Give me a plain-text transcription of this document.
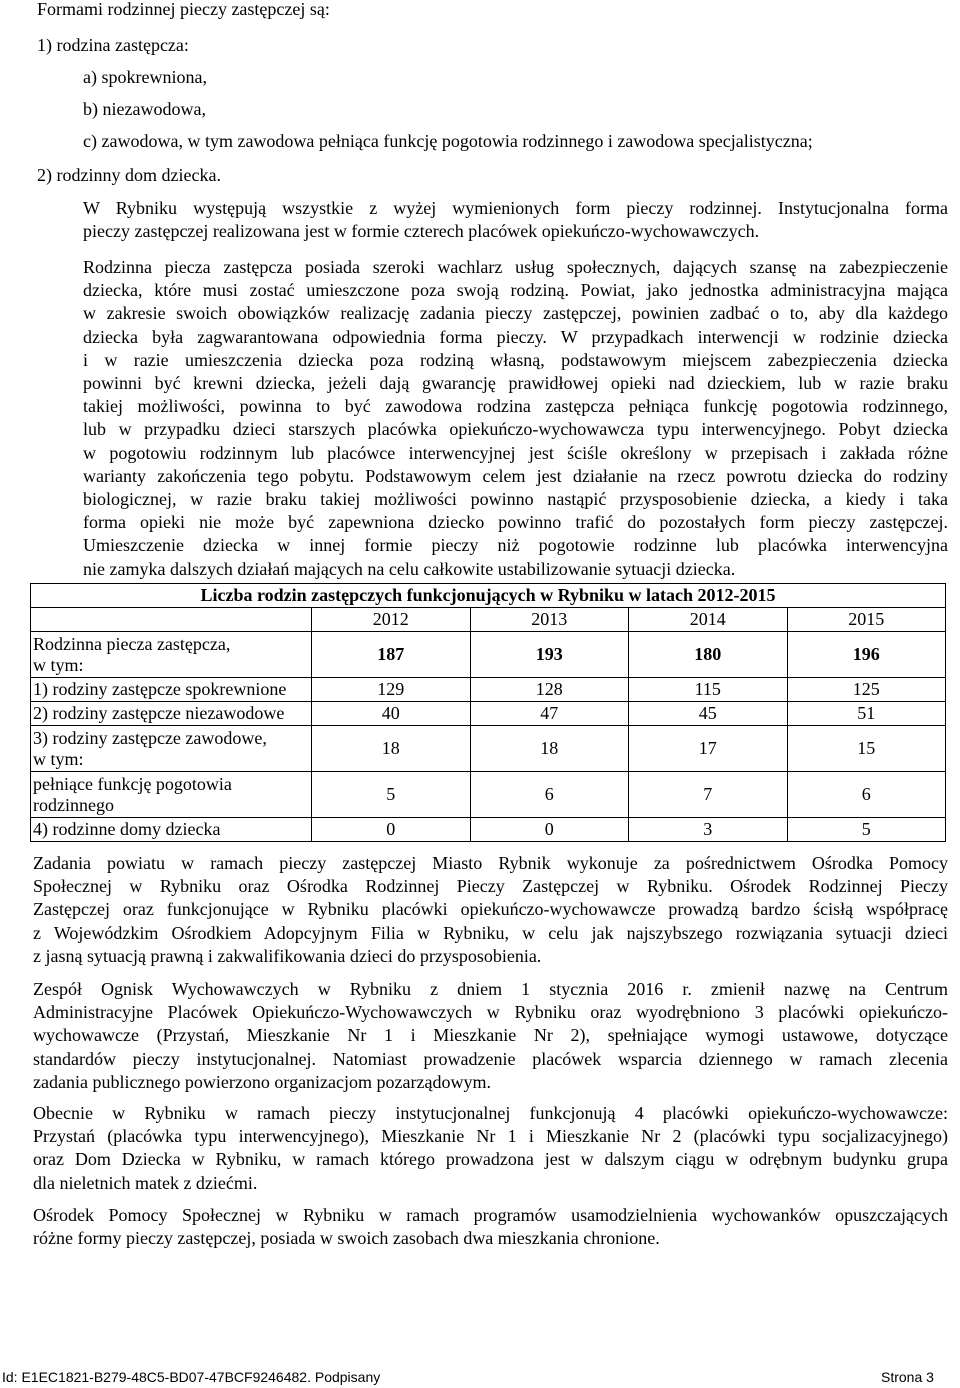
Formami rodzinnej pieczy zastępczej są:
1) rodzina zastępcza:
a) spokrewniona,
b) niezawodowa,
c) zawodowa, w tym zawodowa pełniąca funkcję pogotowia rodzinnego i zawodowa specjalistyczna;
2) rodzinny dom dziecka.
W Rybniku występują wszystkie z wyżej wymienionych form pieczy rodzinnej. Instytucjonalna forma
pieczy zastępczej realizowana jest w formie czterech placówek opiekuńczo-wychowawczych.
Rodzinna piecza zastępcza posiada szeroki wachlarz usług społecznych, dających szansę na zabezpieczenie
dziecka, które musi zostać umieszczone poza swoją rodziną. Powiat, jako jednostka administracyjna mająca
w zakresie swoich obowiązków realizację zadania pieczy zastępczej, powinien zadbać o to, aby dla każdego
dziecka była zagwarantowana odpowiednia forma pieczy. W przypadkach interwencji w rodzinie dziecka
i w razie umieszczenia dziecka poza rodziną własną, podstawowym miejscem zabezpieczenia dziecka
powinni być krewni dziecka, jeżeli dają gwarancję prawidłowej opieki nad dzieckiem, lub w razie braku
takiej możliwości, powinna to być zawodowa rodzina zastępcza pełniąca funkcję pogotowia rodzinnego,
lub w przypadku dzieci starszych placówka opiekuńczo-wychowawcza typu interwencyjnego. Pobyt dziecka
w pogotowiu rodzinnym lub placówce interwencyjnej jest ściśle określony w przepisach i zakłada różne
warianty zakończenia tego pobytu. Podstawowym celem jest działanie na rzecz powrotu dziecka do rodziny
biologicznej, w razie braku takiej możliwości powinno nastąpić przysposobienie dziecka, a kiedy i taka
forma opieki nie może być zapewniona dziecko powinno trafić do pozostałych form pieczy zastępczej.
Umieszczenie dziecka w innej formie pieczy niż pogotowie rodzinne lub placówka interwencyjna
nie zamyka dalszych działań mających na celu całkowite ustabilizowanie sytuacji dziecka.
Liczba rodzin zastępczych funkcjonujących w Rybniku w latach 2012-2015				
	2012	2013	2014	2015

Rodzinna piecza zastępcza,
w tym:	187	193	180	196

1) rodziny zastępcze spokrewnione	129	128	115	125

2) rodziny zastępcze niezawodowe	40	47	45	51

3) rodziny zastępcze zawodowe,
w tym:	18	18	17	15

pełniące funkcję pogotowia
rodzinnego	5	6	7	6

4) rodzinne domy dziecka	0	0	3	5
Zadania powiatu w ramach pieczy zastępczej Miasto Rybnik wykonuje za pośrednictwem Ośrodka Pomocy
Społecznej w Rybniku oraz Ośrodka Rodzinnej Pieczy Zastępczej w Rybniku. Ośrodek Rodzinnej Pieczy
Zastępczej oraz funkcjonujące w Rybniku placówki opiekuńczo-wychowawcze prowadzą bardzo ścisłą współpracę
z Wojewódzkim Ośrodkiem Adopcyjnym Filia w Rybniku, w celu jak najszybszego rozwiązania sytuacji dzieci
z jasną sytuacją prawną i zakwalifikowania dzieci do przysposobienia.
Zespół Ognisk Wychowawczych w Rybniku z dniem 1 stycznia 2016 r. zmienił nazwę na Centrum
Administracyjne Placówek Opiekuńczo-Wychowawczych w Rybniku oraz wyodrębniono 3 placówki opiekuńczo-
wychowawcze (Przystań, Mieszkanie Nr 1 i Mieszkanie Nr 2), spełniające wymogi ustawowe, dotyczące
standardów pieczy instytucjonalnej. Natomiast prowadzenie placówek wsparcia dziennego w ramach zlecenia
zadania publicznego powierzono organizacjom pozarządowym.
Obecnie w Rybniku w ramach pieczy instytucjonalnej funkcjonują 4 placówki opiekuńczo-wychowawcze:
Przystań (placówka typu interwencyjnego), Mieszkanie Nr 1 i Mieszkanie Nr 2 (placówki typu socjalizacyjnego)
oraz Dom Dziecka w Rybniku, w ramach którego prowadzona jest w dalszym ciągu w odrębnym budynku grupa
dla nieletnich matek z dziećmi.
Ośrodek Pomocy Społecznej w Rybniku w ramach programów usamodzielnienia wychowanków opuszczających
różne formy pieczy zastępczej, posiada w swoich zasobach dwa mieszkania chronione.
Id: E1EC1821-B279-48C5-BD07-47BCF9246482. Podpisany	Strona 3
